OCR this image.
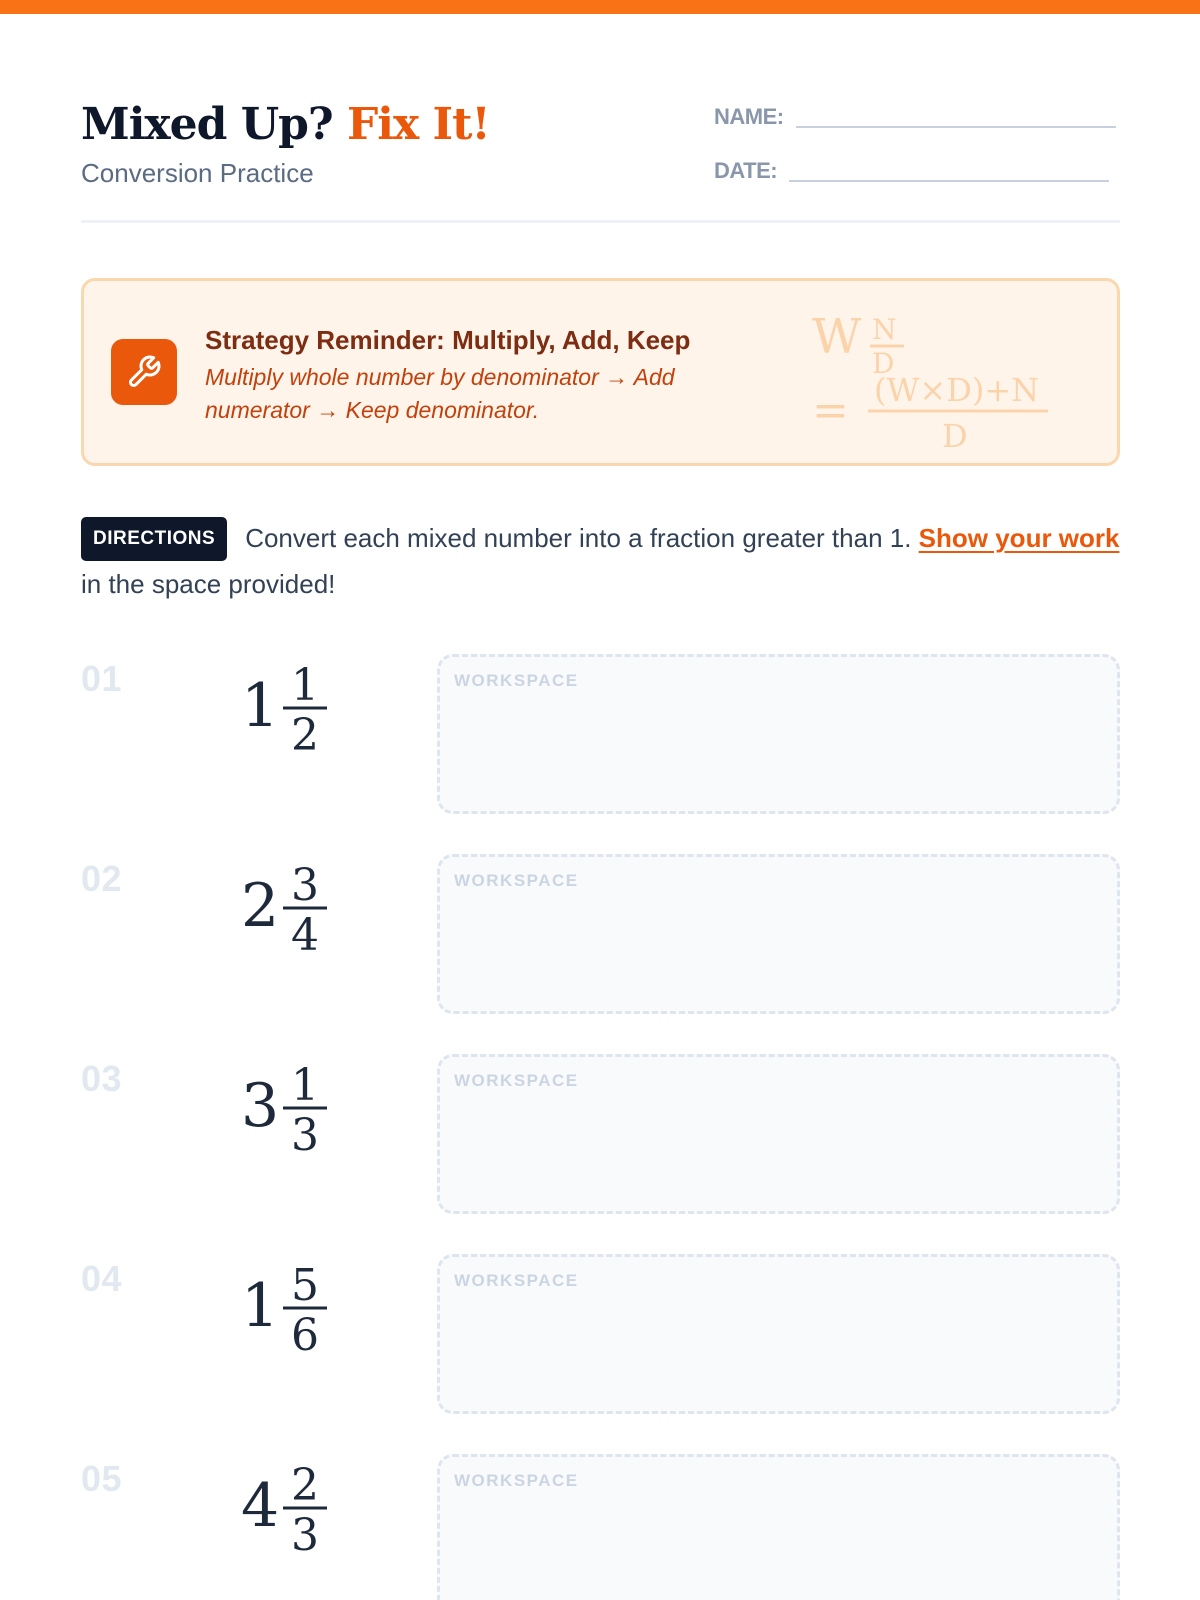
Mixed Up? Fix It!
Conversion Practice
NAME:
DATE:
Strategy Reminder: Multiply, Add, Keep
Multiply whole number by denominator → Add numerator → Keep denominator.
W N
D
= (W×D)+N
D
DIRECTIONS Convert each mixed number into a fraction greater than 1. Show your work in the space provided!
01 1 1
2
WORKSPACE
02 2 3
4
WORKSPACE
03 3 1
3
WORKSPACE
04 1 5
6
WORKSPACE
05 4 2
3
WORKSPACE
